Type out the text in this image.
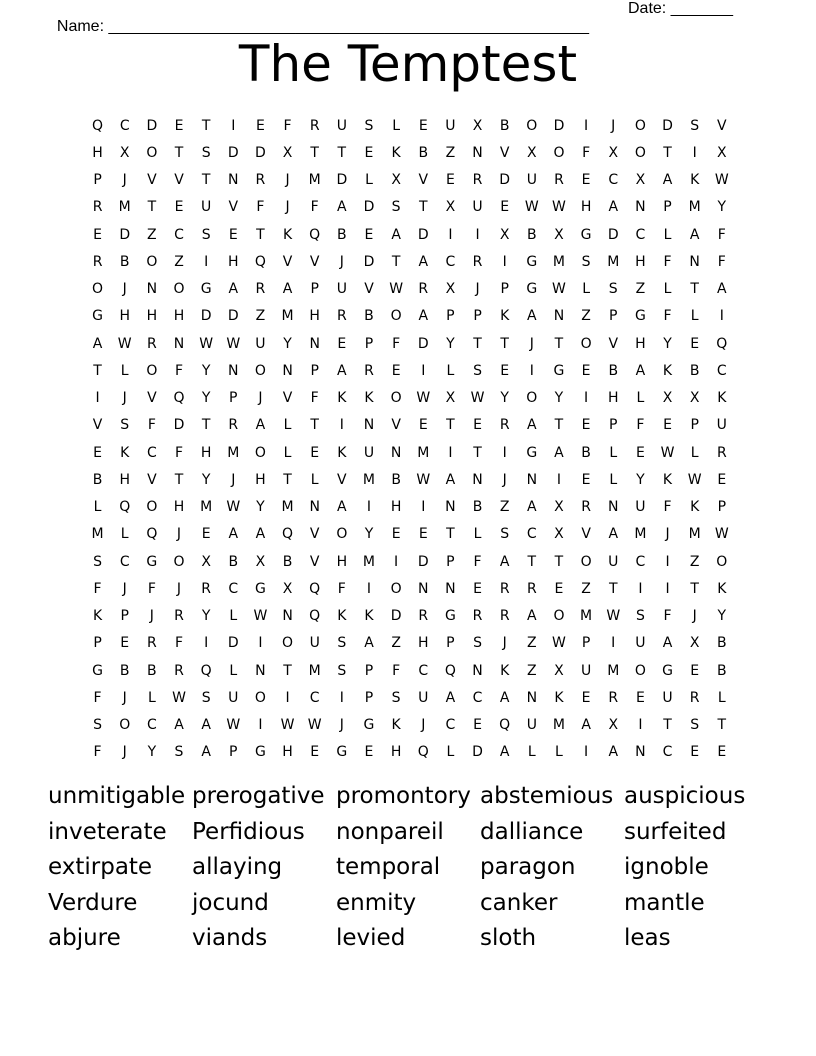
Name: ______________________________________________________

Date: _______

The Temptest
Q	C	D	E	T	I	E	F	R	U	S	L	E	U	X	B	O	D	I	J	O	D	S	V
H	X	O	T	S	D	D	X	T	T	E	K	B	Z	N	V	X	O	F	X	O	T	I	X
P	J	V	V	T	N	R	J	M	D	L	X	V	E	R	D	U	R	E	C	X	A	K	W
R	M	T	E	U	V	F	J	F	A	D	S	T	X	U	E	W W	H	A	N	P	M	Y
E	D	Z	C	S	E	T	K	Q	B	E	A	D	I	I	X	B	X	G	D	C	L	A	F
R	B	O	Z	I	H	Q	V	V	J	D	T	A	C	R	I	G	M	S	M	H	F	N	F
O	J	N	O	G	A	R	A	P	U	V	W	R	X	J	P	G	W	L	S	Z	L	T	A
G	H	H	H	D	D	Z	M	H	R	B	O	A	P	P	K	A	N	Z	P	G	F	L	I
A	W	R	N	W W	U	Y	N	E	P	F	D	Y	T	T	J	T	O	V	H	Y	E	Q
T	L	O	F	Y	N	O	N	P	A	R	E	I	L	S	E	I	G	E	B	A	K	B	C
I	J	V	Q	Y	P	J	V	F	K	K	O	W	X	W	Y	O	Y	I	H	L	X	X	K
V	S	F	D	T	R	A	L	T	I	N	V	E	T	E	R	A	T	E	P	F	E	P	U
E	K	C	F	H	M	O	L	E	K	U	N	M	I	T	I	G	A	B	L	E	W	L	R
B	H	V	T	Y	J	H	T	L	V	M	B	W	A	N	J	N	I	E	L	Y	K	W	E
L	Q	O	H	M	W	Y	M	N	A	I	H	I	N	B	Z	A	X	R	N	U	F	K	P
M	L	Q	J	E	A	A	Q	V	O	Y	E	E	T	L	S	C	X	V	A	M	J	M	W
S	C	G	O	X	B	X	B	V	H	M	I	D	P	F	A	T	T	O	U	C	I	Z	O
F	J	F	J	R	C	G	X	Q	F	I	O	N	N	E	R	R	E	Z	T	I	I	T	K
K	P	J	R	Y	L	W	N	Q	K	K	D	R	G	R	R	A	O	M	W	S	F	J	Y
P	E	R	F	I	D	I	O	U	S	A	Z	H	P	S	J	Z	W	P	I	U	A	X	B
G	B	B	R	Q	L	N	T	M	S	P	F	C	Q	N	K	Z	X	U	M	O	G	E	B
F	J	L	W	S	U	O	I	C	I	P	S	U	A	C	A	N	K	E	R	E	U	R	L
S	O	C	A	A	W	I	W W	J	G	K	J	C	E	Q	U	M	A	X	I	T	S	T
F	J	Y	S	A	P	G	H	E	G	E	H	Q	L	D	A	L	L	I	A	N	C	E	E
unmitigable prerogative promontory abstemious auspicious
inveterate	Perfidious	nonpareil	dalliance	surfeited
extirpate	allaying	temporal	paragon	ignoble
Verdure	jocund	enmity	canker	mantle
abjure	viands	levied	sloth	leas
